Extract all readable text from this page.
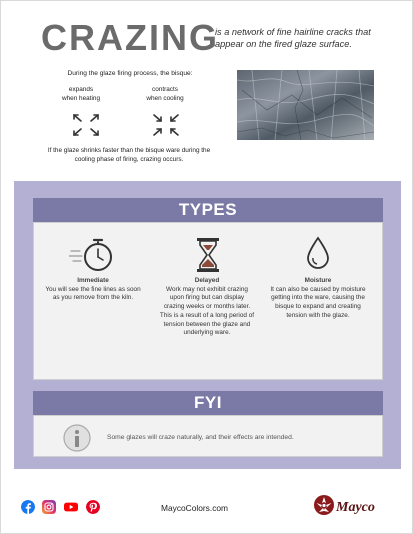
CRAZING
is a network of fine hairline cracks that appear on the fired glaze surface.
During the glaze firing process, the bisque:
expands
when heating
contracts
when cooling
If the glaze shrinks faster than the bisque ware during the cooling phase of firing, crazing occurs.
TYPES
Immediate
You will see the fine lines as soon as you remove from the kiln.
Delayed
Work may not exhibit crazing upon firing but can display crazing weeks or months later. This is a result of a long period of tension between the glaze and underlying ware.
Moisture
It can also be caused by moisture getting into the ware, causing the bisque to expand and creating tension with the glaze.
FYI
Some glazes will craze naturally, and their effects are intended.
MaycoColors.com	Mayco
